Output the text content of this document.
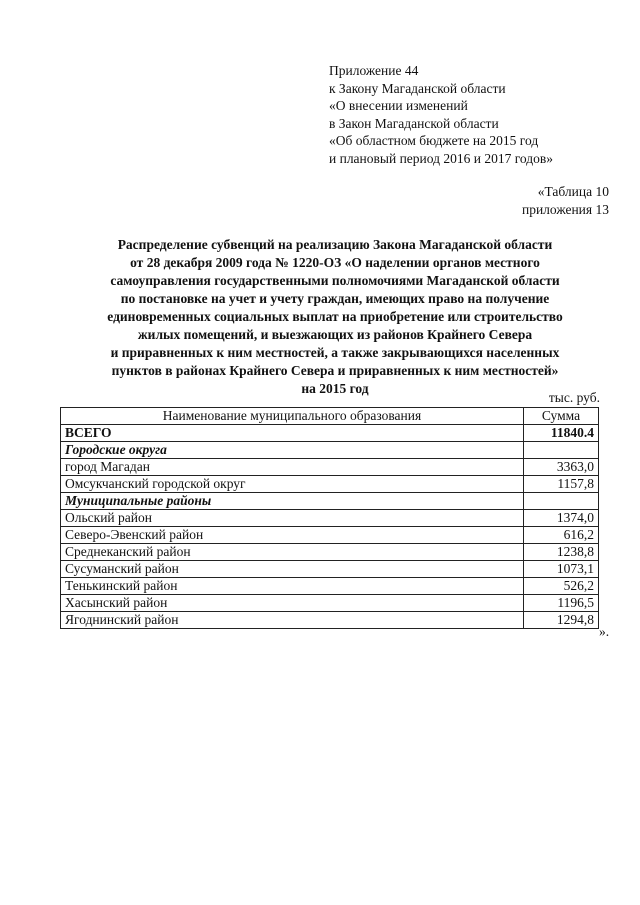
Приложение 44
к Закону Магаданской области
«О внесении изменений
в Закон Магаданской области
«Об областном бюджете на 2015 год
и плановый период 2016 и 2017 годов»
«Таблица 10
приложения 13
Распределение субвенций на реализацию Закона Магаданской области
от 28 декабря 2009 года № 1220-ОЗ «О наделении органов местного
самоуправления государственными полномочиями Магаданской области
по постановке на учет и учету граждан, имеющих право на получение
единовременных социальных выплат на приобретение или строительство
жилых помещений, и выезжающих из районов Крайнего Севера
и приравненных к ним местностей, а также закрывающихся населенных
пунктов в районах Крайнего Севера и приравненных к ним местностей»
на 2015 год
тыс. руб.
Наименование муниципального образования	Сумма
ВСЕГО	11840.4
Городские округа	
город Магадан	3363,0
Омсукчанский городской округ	1157,8
Муниципальные районы	
Ольский район	1374,0
Северо-Эвенский район	616,2
Среднеканский район	1238,8
Сусуманский район	1073,1
Тенькинский район	526,2
Хасынский район	1196,5
Ягоднинский район	1294,8
».
